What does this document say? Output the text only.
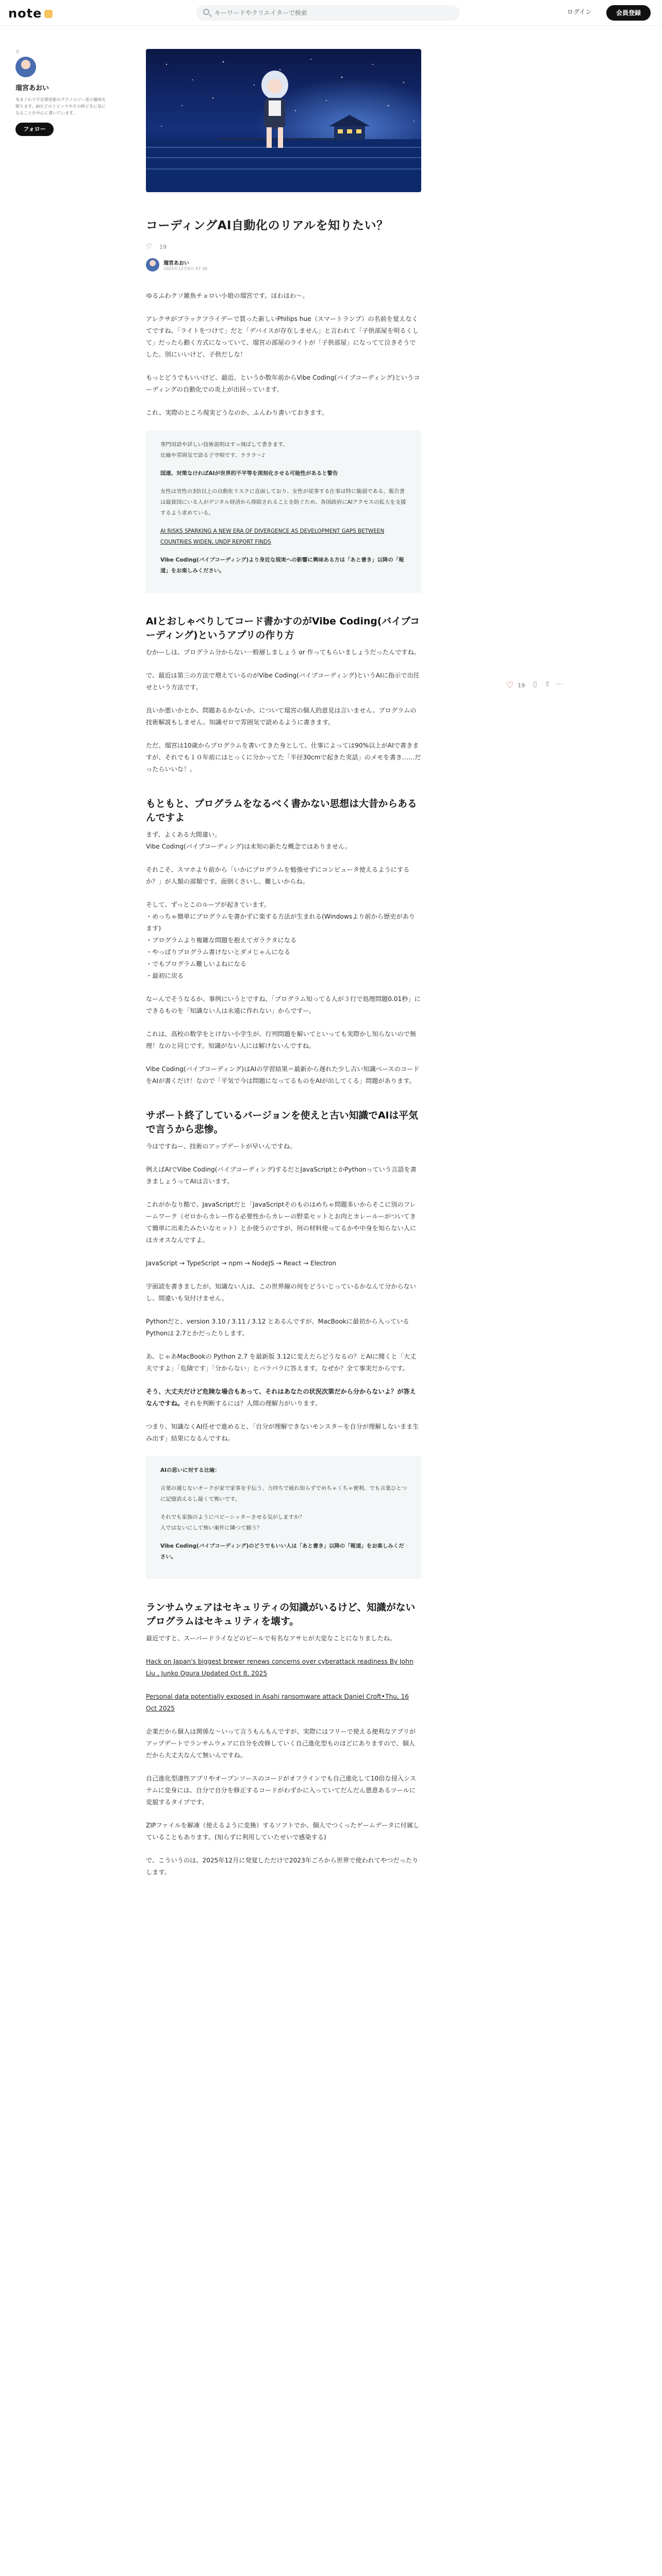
note
キーワードやクリエイターで検索	ログイン	会員登録
名
瑠宮あおい
気まぐれで不定期更新のテクノロジー系の趣味を綴ります。AIなどのトピックやその時どきに気になることを中心に書いています。
フォロー
♡ 19 ▯ ⇪ ⋯
コーディングAI自動化のリアルを知りたい？
♡ 19
瑠宮あおい
2025年12月4日 07:36

ゆるふわクソ雑魚チョロい小娘の瑠宮です。ほわほわ〜。

アレクサがブラックフライデーで買った新しいPhilips hue（スマートランプ）の名前を覚えなくてですね。「ライトをつけて」だと「デバイスが存在しません」と言われて「子供部屋を明るくして」だったら動く方式になっていて、瑠宮の部屋のライトが「子供部屋」になってて泣きそうでした。別にいいけど、子供だしな！

もっとどうでもいいけど、最近、というか数年前からVibe Coding(バイブコーディング)というコーディングの自動化での炎上が出回っています。

これ、実際のところ現実どうなのか、ふんわり書いておきます。

専門用語や詳しい技術説明はすっ飛ばして書きます。
比喩や雰囲気で語る子守唄です、ラララ〜♪

国連、対策なければAIが世界的不平等を深刻化させる可能性があると警告

女性は男性の3倍以上の自動化リスクに直面しており、女性が従事する仕事は特に脆弱である。報告書は最貧国にいる人がデジタル経済から排除されることを防ぐため、各国政府にAIアクセスの拡大を支援するよう求めている。

AI RISKS SPARKING A NEW ERA OF DIVERGENCE AS DEVELOPMENT GAPS BETWEEN COUNTRIES WIDEN, UNDP REPORT FINDS

Vibe Coding(バイブコーディング)より身近な現実への影響に興味ある方は「あと書き」以降の「報道」をお楽しみください。

AIとおしゃべりしてコード書かすのがVibe Coding(バイブコーディング)というアプリの作り方

むかーしは、プログラム分からない一般層しましょう or 作ってもらいましょうだったんですね。

で、最近は第三の方法で増えているのがVibe Coding(バイブコーディング)というAIに指示で出任せという方法です。

良いか悪いかとか、問題あるかないか、について瑠宮の個人的意見は言いません。プログラムの技術解説もしません。知識ゼロで雰囲気で読めるように書きます。

ただ、瑠宮は10歳からプログラムを書いてきた身として、仕事によっては90%以上がAIで書きますが、それでも１０年前にはとっくに分かってた「半径30cmで起きた実話」のメモを書き……だったらいいな！。

もともと、プログラムをなるべく書かない思想は大昔からあるんですよ

まず、よくある大間違い。
Vibe Coding(バイブコーディング)は未知の新たな概念ではありません。

それこそ、スマホより前から「いかにプログラムを勉強せずにコンピュータ使えるようにするか？」が人類の部類です。面倒くさいし、難しいからね。

そして、ずっとこのループが起きています。
・めっちゃ簡単にプログラムを書かずに楽する方法が生まれる(Windowsより前から歴史があります)
・プログラムより複雑な問題を抱えてガラクタになる
・やっぱりプログラム書けないとダメじゃんになる
・でもプログラム難しいよねになる
・最初に戻る

なーんでそうなるか、事例にいうとですね、「プログラム知ってる人が３行で処理問題0.01秒」にできるものを「知識ない人は永遠に作れない」からですー。

これは、高校の数学をとけない小学生が、行列問題を解いてといっても実際かし知らないので無理！なのと同じです。知識がない人には解けないんですね。

Vibe Coding(バイブコーディング)はAIの学習結果＝最新から遅れた少し古い知識ベースのコードをAIが書くだけ！なので「平気で今は問題になってるものをAIが出してくる」問題があります。

サポート終了しているバージョンを使えと古い知識でAIは平気で言うから悲惨。

今はですねー、技術のアップデートが早いんですね。

例えばAIでVibe Coding(バイブコーディング)するだとJavaScriptとかPythonっていう言語を書きましょうってAIは言います。

これがかなり酷で、JavaScriptだと「JavaScriptそのものはめちゃ問題多いからそこに別のフレームワーク（ゼロからカレー作る必要性からカレーの野菜セットとお肉とカレールーがついてきて簡単に出来たみたいなセット）とか使うのですが、何の材料使ってるかや中身を知らない人にはカオスなんですよ。

JavaScript → TypeScript → npm → NodeJS → React → Electron

字面読を書きましたが、知識ない人は、この世界線の何をどういじっているかなんて分からないし、間違いも気付けません。

Pythonだと、version 3.10 / 3.11 / 3.12 とあるんですが、MacBookに最初から入っているPythonは 2.7とかだったりします。

あ、じゃあMacBookの Python 2.7 を最新版 3.12に変えたらどうなるの？とAIに聞くと「大丈夫ですよ」「危険です」「分からない」とバラバラに答えます。なぜか？全て事実だからです。

そう、大丈夫だけど危険な場合もあって、それはあなたの状況次第だから分からないよ？が答えなんですね。それを判断するには？人間の理解力がいります。

つまり、知識なくAI任せで進めると、「自分が理解できないモンスターを自分が理解しないまま生み出す」結果になるんですね。

AIの思いに対する比喩：

言葉の通じないオークが家で家事を手伝う、力持ちで疲れ知らずでめちゃくちゃ便利、でも言葉ひとつに記憶消えるし最くて怖いです。

それでも家族のようにベビーシッターさせる気がしますか？
人ではないにして怖い案件に隣つて願う？

Vibe Coding(バイブコーディング)のどうでもいい人は「あと書き」以降の「報道」をお楽しみください。

ランサムウェアはセキュリティの知識がいるけど、知識がないプログラムはセキュリティを壊す。

最近ですと、スーパードライなどのビールで有名なアサヒが大変なことになりましたね。

Hack on Japan's biggest brewer renews concerns over cyberattack readiness By John Liu , Junko Ogura Updated Oct 8, 2025

Personal data potentially exposed in Asahi ransomware attack Daniel Croft•Thu, 16 Oct 2025

企業だから個人は関係な〜いって言うもんもんですが、実際にはフリーで使える便利なアプリがアップデートでランサムウェアに自分を改修していく自己進化型ものほどにありますので、個人だから大丈夫なんて無いんですね。

自己進化型凄性アプリやオープンソースのコードがオフラインでも自己進化して10倍な侵入システムに変身には、自分で自分を修正するコードがわずかに入っていてだんだん悪意あるツールに変貌するタイプです。

ZIPファイルを解凍（使えるように変換）するソフトでか、個人でつくったゲームデータに付属していることもあります。(知らずに利用していたせいで感染する)

で、こういうのは、2025年12月に発覚しただけで2023年ごろから世界で使われてやつだったりします。
